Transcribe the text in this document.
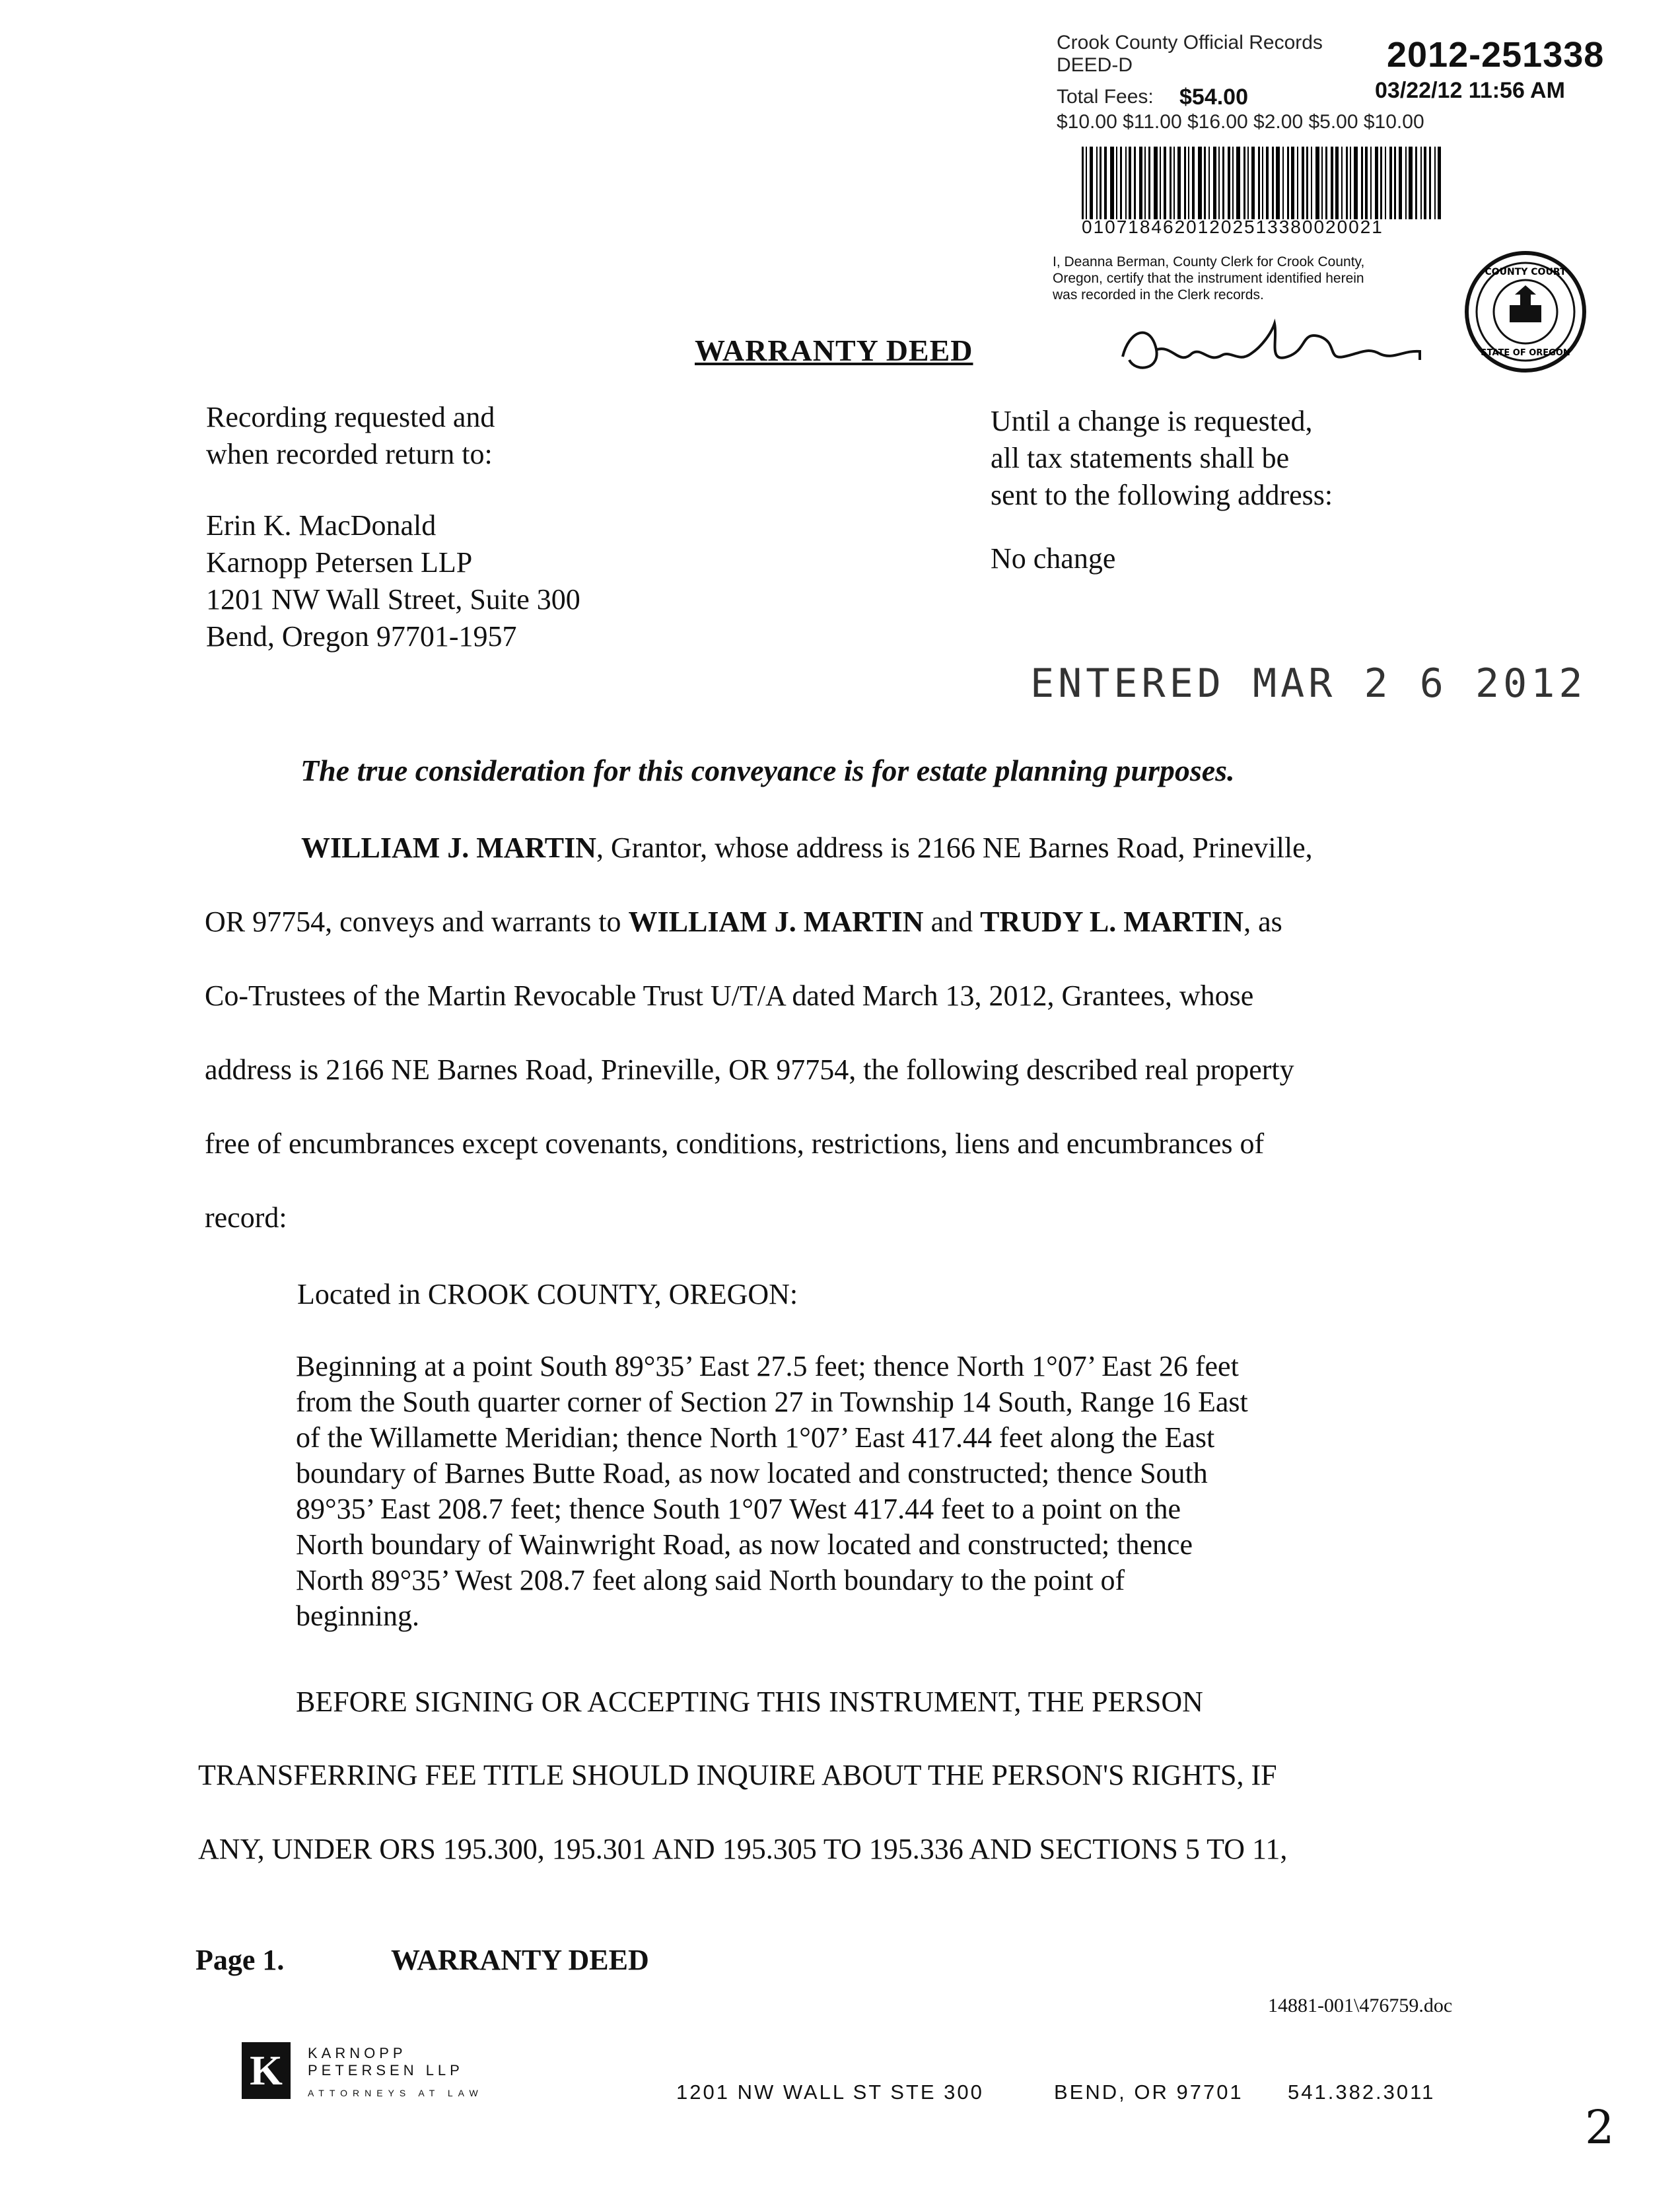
Crook County Official Records
DEED-D	2012-251338
Total Fees: $54.00	03/22/12 11:56 AM
$10.00 $11.00 $16.00 $2.00 $5.00 $10.00
01071846201202513380020021
I, Deanna Berman, County Clerk for Crook County, Oregon, certify that the instrument identified herein was recorded in the Clerk records.
COUNTY COURT
STATE OF OREGON
WARRANTY DEED
Recording requested and
when recorded return to:
Erin K. MacDonald
Karnopp Petersen LLP
1201 NW Wall Street, Suite 300
Bend, Oregon 97701-1957
Until a change is requested,
all tax statements shall be
sent to the following address:
No change
ENTERED MAR 2 6 2012
The true consideration for this conveyance is for estate planning purposes.
WILLIAM J. MARTIN, Grantor, whose address is 2166 NE Barnes Road, Prineville,
OR 97754, conveys and warrants to WILLIAM J. MARTIN and TRUDY L. MARTIN, as
Co-Trustees of the Martin Revocable Trust U/T/A dated March 13, 2012, Grantees, whose
address is 2166 NE Barnes Road, Prineville, OR 97754, the following described real property
free of encumbrances except covenants, conditions, restrictions, liens and encumbrances of
record:
Located in CROOK COUNTY, OREGON:
Beginning at a point South 89°35’ East 27.5 feet; thence North 1°07’ East 26 feet
from the South quarter corner of Section 27 in Township 14 South, Range 16 East
of the Willamette Meridian; thence North 1°07’ East 417.44 feet along the East
boundary of Barnes Butte Road, as now located and constructed; thence South
89°35’ East 208.7 feet; thence South 1°07 West 417.44 feet to a point on the
North boundary of Wainwright Road, as now located and constructed; thence
North 89°35’ West 208.7 feet along said North boundary to the point of
beginning.
BEFORE SIGNING OR ACCEPTING THIS INSTRUMENT, THE PERSON
TRANSFERRING FEE TITLE SHOULD INQUIRE ABOUT THE PERSON'S RIGHTS, IF
ANY, UNDER ORS 195.300, 195.301 AND 195.305 TO 195.336 AND SECTIONS 5 TO 11,
Page 1.	WARRANTY DEED
14881-001\476759.doc
K KARNOPP
PETERSEN LLP
ATTORNEYS AT LAW	1201 NW WALL ST STE 300	BEND, OR 97701 541.382.3011
2
